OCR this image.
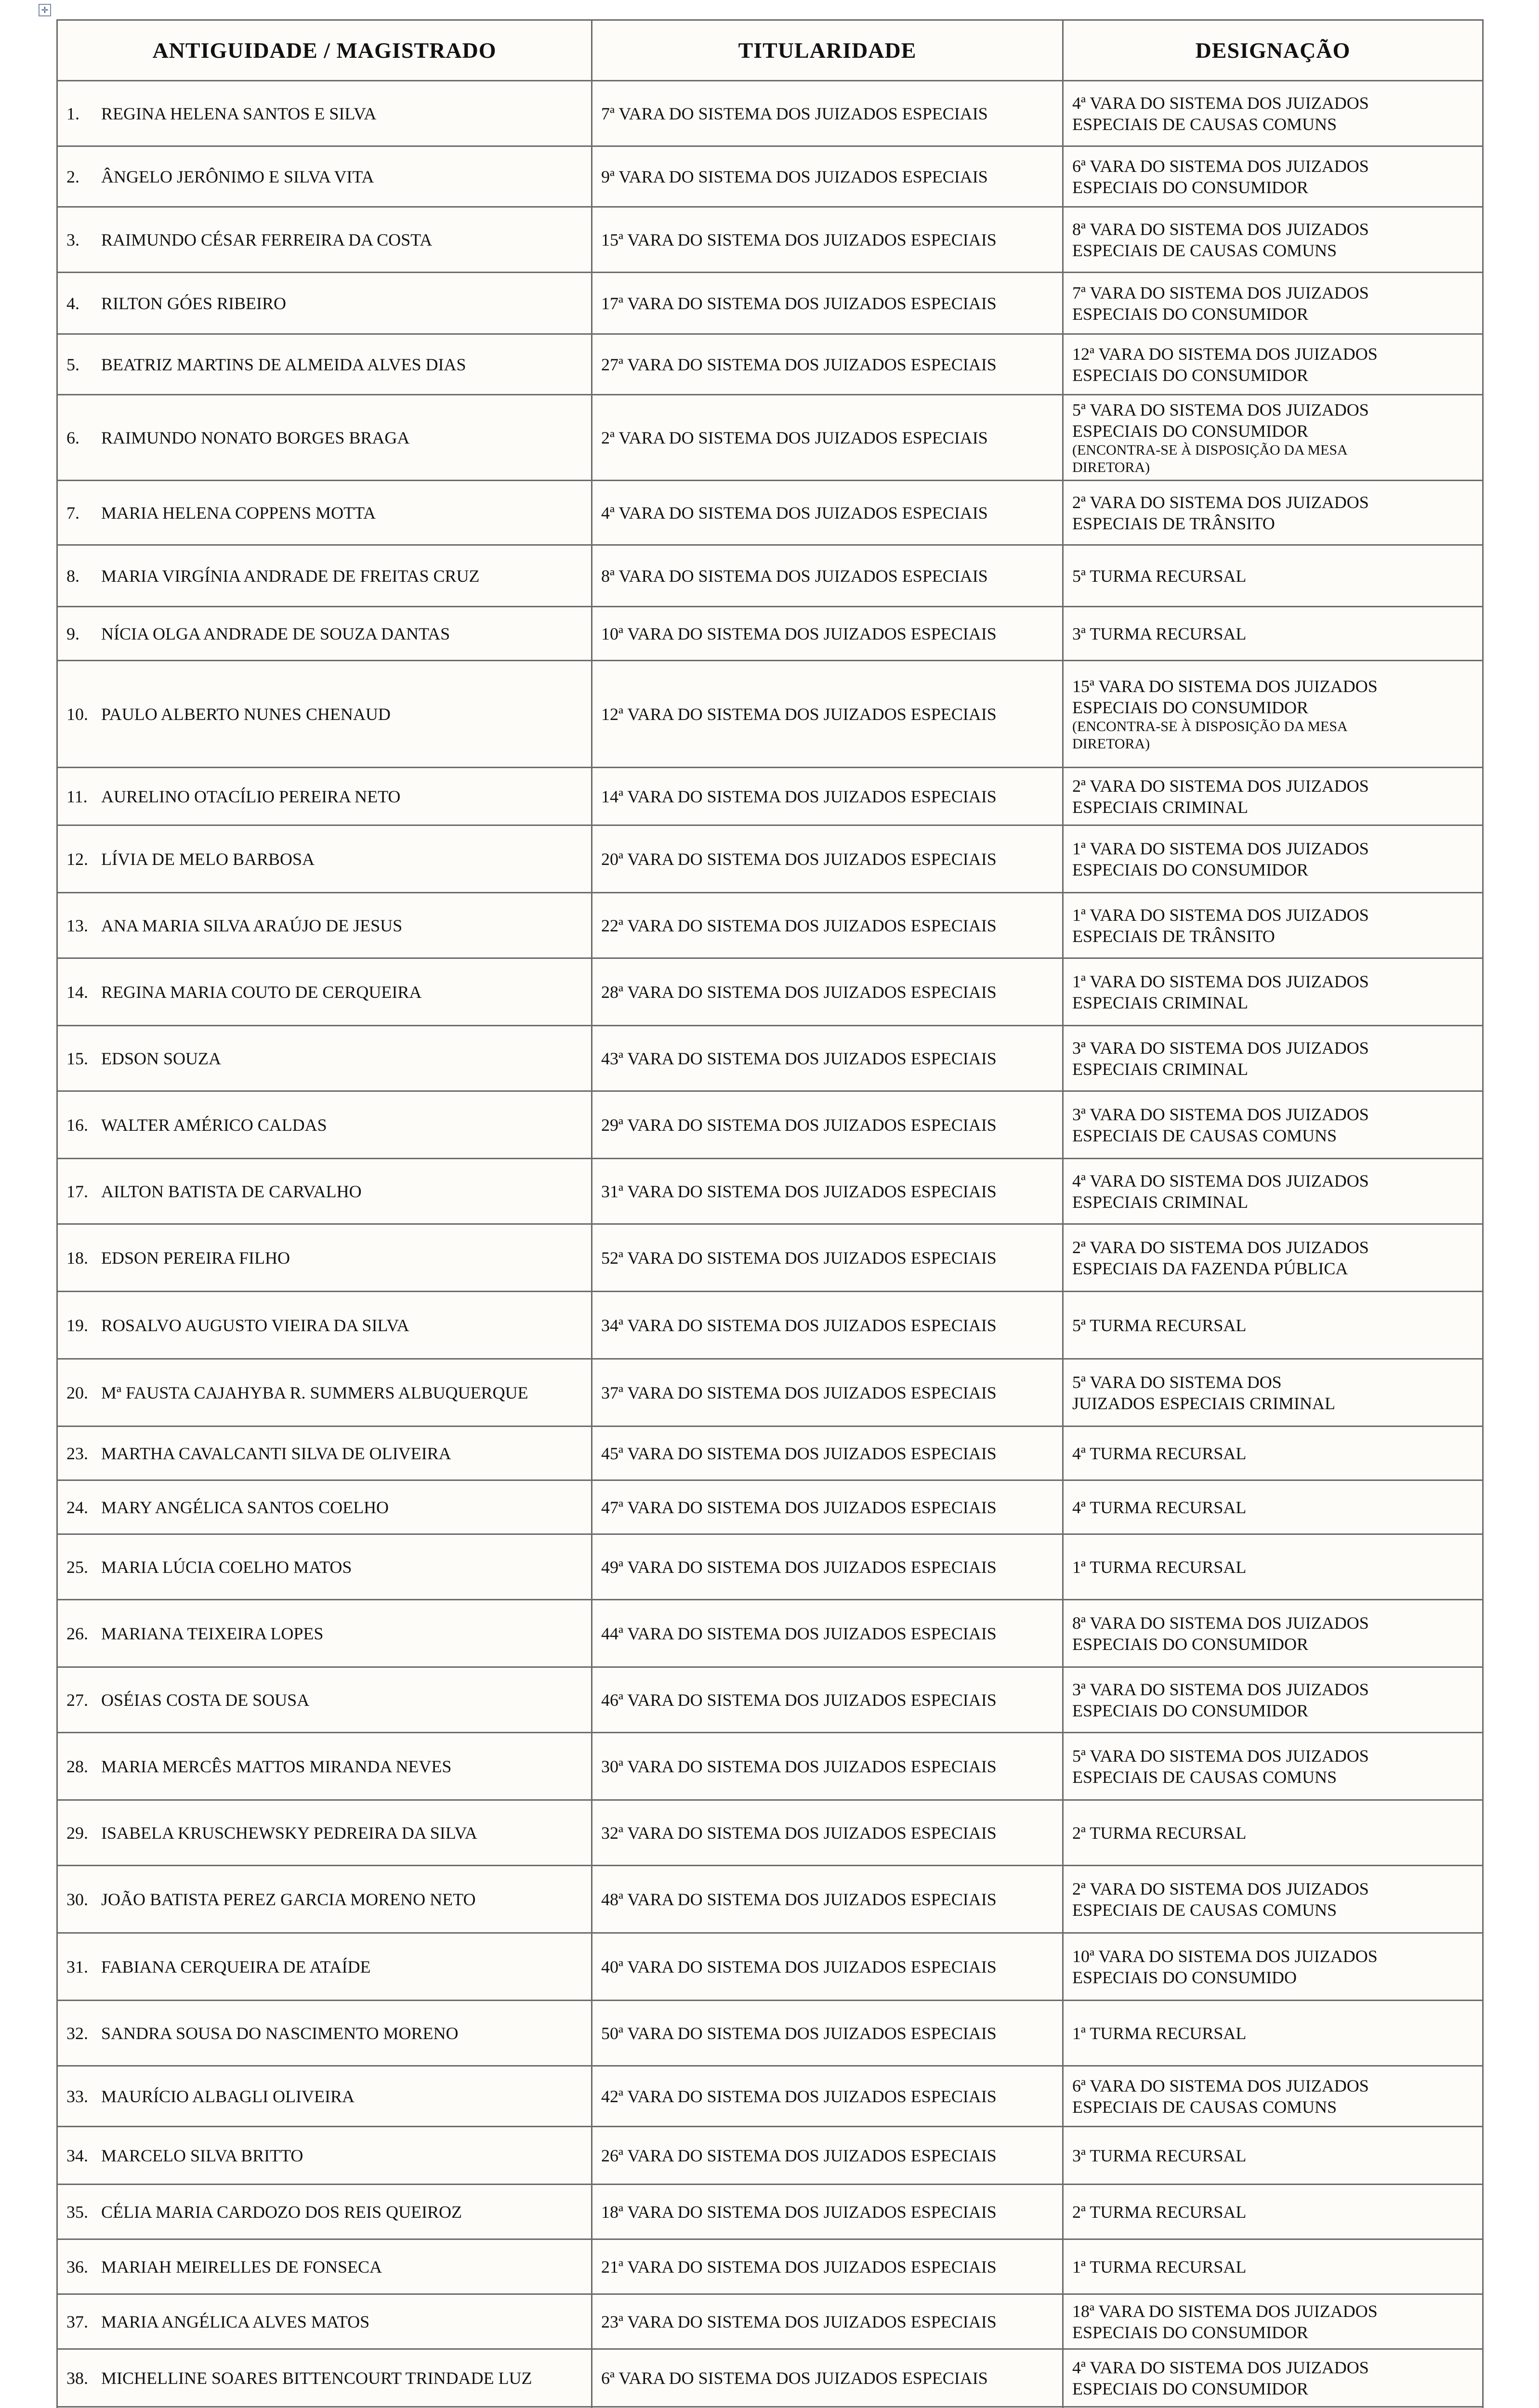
✛
ANTIGUIDADE / MAGISTRADO	TITULARIDADE	DESIGNAÇÃO
1. REGINA HELENA SANTOS E SILVA	7ª VARA DO SISTEMA DOS JUIZADOS ESPECIAIS	4ª VARA DO SISTEMA DOS JUIZADOS
ESPECIAIS DE CAUSAS COMUNS

2. ÂNGELO JERÔNIMO E SILVA VITA	9ª VARA DO SISTEMA DOS JUIZADOS ESPECIAIS	6ª VARA DO SISTEMA DOS JUIZADOS
ESPECIAIS DO CONSUMIDOR

3. RAIMUNDO CÉSAR FERREIRA DA COSTA	15ª VARA DO SISTEMA DOS JUIZADOS ESPECIAIS	8ª VARA DO SISTEMA DOS JUIZADOS
ESPECIAIS DE CAUSAS COMUNS

4. RILTON GÓES RIBEIRO	17ª VARA DO SISTEMA DOS JUIZADOS ESPECIAIS	7ª VARA DO SISTEMA DOS JUIZADOS
ESPECIAIS DO CONSUMIDOR

5. BEATRIZ MARTINS DE ALMEIDA ALVES DIAS	27ª VARA DO SISTEMA DOS JUIZADOS ESPECIAIS	12ª VARA DO SISTEMA DOS JUIZADOS
ESPECIAIS DO CONSUMIDOR

6. RAIMUNDO NONATO BORGES BRAGA	2ª VARA DO SISTEMA DOS JUIZADOS ESPECIAIS	5ª VARA DO SISTEMA DOS JUIZADOS
ESPECIAIS DO CONSUMIDOR
(ENCONTRA-SE À DISPOSIÇÃO DA MESA
DIRETORA)

7. MARIA HELENA COPPENS MOTTA	4ª VARA DO SISTEMA DOS JUIZADOS ESPECIAIS	2ª VARA DO SISTEMA DOS JUIZADOS
ESPECIAIS DE TRÂNSITO

8. MARIA VIRGÍNIA ANDRADE DE FREITAS CRUZ	8ª VARA DO SISTEMA DOS JUIZADOS ESPECIAIS	5ª TURMA RECURSAL

9. NÍCIA OLGA ANDRADE DE SOUZA DANTAS	10ª VARA DO SISTEMA DOS JUIZADOS ESPECIAIS	3ª TURMA RECURSAL

10. PAULO ALBERTO NUNES CHENAUD	12ª VARA DO SISTEMA DOS JUIZADOS ESPECIAIS	15ª VARA DO SISTEMA DOS JUIZADOS
ESPECIAIS DO CONSUMIDOR
(ENCONTRA-SE À DISPOSIÇÃO DA MESA
DIRETORA)

11. AURELINO OTACÍLIO PEREIRA NETO	14ª VARA DO SISTEMA DOS JUIZADOS ESPECIAIS	2ª VARA DO SISTEMA DOS JUIZADOS
ESPECIAIS CRIMINAL

12. LÍVIA DE MELO BARBOSA	20ª VARA DO SISTEMA DOS JUIZADOS ESPECIAIS	1ª VARA DO SISTEMA DOS JUIZADOS
ESPECIAIS DO CONSUMIDOR

13. ANA MARIA SILVA ARAÚJO DE JESUS	22ª VARA DO SISTEMA DOS JUIZADOS ESPECIAIS	1ª VARA DO SISTEMA DOS JUIZADOS
ESPECIAIS DE TRÂNSITO

14. REGINA MARIA COUTO DE CERQUEIRA	28ª VARA DO SISTEMA DOS JUIZADOS ESPECIAIS	1ª VARA DO SISTEMA DOS JUIZADOS
ESPECIAIS CRIMINAL

15. EDSON SOUZA	43ª VARA DO SISTEMA DOS JUIZADOS ESPECIAIS	3ª VARA DO SISTEMA DOS JUIZADOS
ESPECIAIS CRIMINAL

16. WALTER AMÉRICO CALDAS	29ª VARA DO SISTEMA DOS JUIZADOS ESPECIAIS	3ª VARA DO SISTEMA DOS JUIZADOS
ESPECIAIS DE CAUSAS COMUNS

17. AILTON BATISTA DE CARVALHO	31ª VARA DO SISTEMA DOS JUIZADOS ESPECIAIS	4ª VARA DO SISTEMA DOS JUIZADOS
ESPECIAIS CRIMINAL

18. EDSON PEREIRA FILHO	52ª VARA DO SISTEMA DOS JUIZADOS ESPECIAIS	2ª VARA DO SISTEMA DOS JUIZADOS
ESPECIAIS DA FAZENDA PÚBLICA

19. ROSALVO AUGUSTO VIEIRA DA SILVA	34ª VARA DO SISTEMA DOS JUIZADOS ESPECIAIS	5ª TURMA RECURSAL

20. Mª FAUSTA CAJAHYBA R. SUMMERS ALBUQUERQUE	37ª VARA DO SISTEMA DOS JUIZADOS ESPECIAIS	5ª VARA DO SISTEMA DOS
JUIZADOS ESPECIAIS CRIMINAL

23. MARTHA CAVALCANTI SILVA DE OLIVEIRA	45ª VARA DO SISTEMA DOS JUIZADOS ESPECIAIS	4ª TURMA RECURSAL

24. MARY ANGÉLICA SANTOS COELHO	47ª VARA DO SISTEMA DOS JUIZADOS ESPECIAIS	4ª TURMA RECURSAL

25. MARIA LÚCIA COELHO MATOS	49ª VARA DO SISTEMA DOS JUIZADOS ESPECIAIS	1ª TURMA RECURSAL

26. MARIANA TEIXEIRA LOPES	44ª VARA DO SISTEMA DOS JUIZADOS ESPECIAIS	8ª VARA DO SISTEMA DOS JUIZADOS
ESPECIAIS DO CONSUMIDOR

27. OSÉIAS COSTA DE SOUSA	46ª VARA DO SISTEMA DOS JUIZADOS ESPECIAIS	3ª VARA DO SISTEMA DOS JUIZADOS
ESPECIAIS DO CONSUMIDOR

28. MARIA MERCÊS MATTOS MIRANDA NEVES	30ª VARA DO SISTEMA DOS JUIZADOS ESPECIAIS	5ª VARA DO SISTEMA DOS JUIZADOS
ESPECIAIS DE CAUSAS COMUNS

29. ISABELA KRUSCHEWSKY PEDREIRA DA SILVA	32ª VARA DO SISTEMA DOS JUIZADOS ESPECIAIS	2ª TURMA RECURSAL

30. JOÃO BATISTA PEREZ GARCIA MORENO NETO	48ª VARA DO SISTEMA DOS JUIZADOS ESPECIAIS	2ª VARA DO SISTEMA DOS JUIZADOS
ESPECIAIS DE CAUSAS COMUNS

31. FABIANA CERQUEIRA DE ATAÍDE	40ª VARA DO SISTEMA DOS JUIZADOS ESPECIAIS	10ª VARA DO SISTEMA DOS JUIZADOS
ESPECIAIS DO CONSUMIDO

32. SANDRA SOUSA DO NASCIMENTO MORENO	50ª VARA DO SISTEMA DOS JUIZADOS ESPECIAIS	1ª TURMA RECURSAL

33. MAURÍCIO ALBAGLI OLIVEIRA	42ª VARA DO SISTEMA DOS JUIZADOS ESPECIAIS	6ª VARA DO SISTEMA DOS JUIZADOS
ESPECIAIS DE CAUSAS COMUNS

34. MARCELO SILVA BRITTO	26ª VARA DO SISTEMA DOS JUIZADOS ESPECIAIS	3ª TURMA RECURSAL

35. CÉLIA MARIA CARDOZO DOS REIS QUEIROZ	18ª VARA DO SISTEMA DOS JUIZADOS ESPECIAIS	2ª TURMA RECURSAL

36. MARIAH MEIRELLES DE FONSECA	21ª VARA DO SISTEMA DOS JUIZADOS ESPECIAIS	1ª TURMA RECURSAL

37. MARIA ANGÉLICA ALVES MATOS	23ª VARA DO SISTEMA DOS JUIZADOS ESPECIAIS	18ª VARA DO SISTEMA DOS JUIZADOS
ESPECIAIS DO CONSUMIDOR

38. MICHELLINE SOARES BITTENCOURT TRINDADE LUZ	6ª VARA DO SISTEMA DOS JUIZADOS ESPECIAIS	4ª VARA DO SISTEMA DOS JUIZADOS
ESPECIAIS DO CONSUMIDOR
